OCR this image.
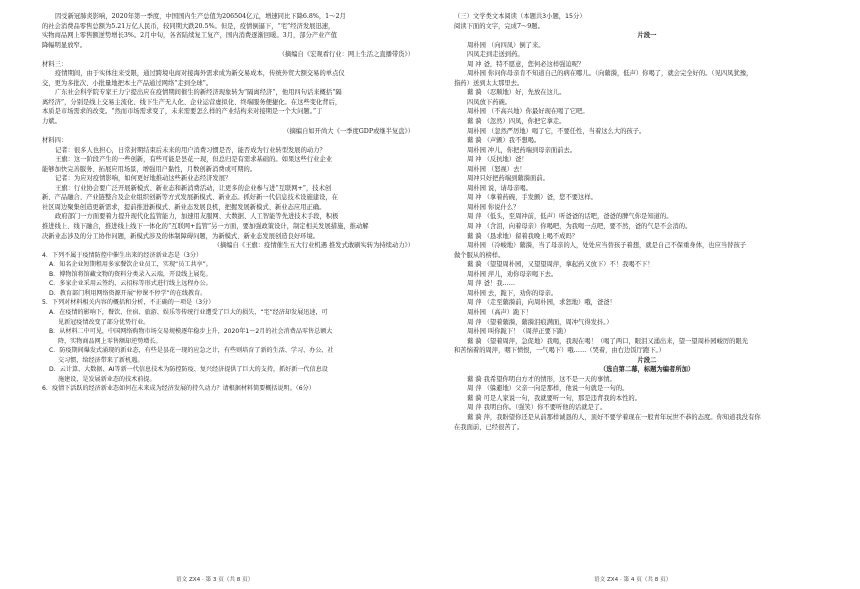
因受新冠肺炎影响，2020年第一季度，中国国内生产总值为206504亿元，增速同比下降6.8%，1～2月
的社会消费品零售总额为5.21万亿人民币，较同期大跌20.5%。但是，疫情倒逼下，“宅”经济发展迅速，
实物商品网上零售额逆势增长3%。2月中旬，各省陆续复工复产，国内消费逐渐回暖。3月，部分产业产值
降幅明显放窄。
（摘编自《宏观看行业：网上生活之直播带货》）
材料三：
疫情期间，由于实体往来受限，通过跨境电商对接海外需求成为新交易成本，传统外贸大额交易的单点仪
交，更为多批次、小批量地把本土产品通过网络“走到全球”。
广东社会科学院专家王力宁提出应在疫情期间催生的新经济现象转为“隔离经济”，他用四句话来概括“隔
离经济”，分别是线上交易主流化、线下生产无人化、企业运营虚拟化、终端服务便捷化。在这些变化背后，
本质是市场需求的改变。“然而市场需求变了，未来需要怎么样的产业结构来对接期是一个大问题。”丁
力斌。
（摘编自如开尚大《一季度GDP或继半复盘》）
材料四：
记者：很多人也担心，日常封期结束后未来的用户消费习惯是否，能否成为行业转型发展的动力？
王旗：这一阶段产生的一些创新，有些可能是昙花一现，但总归是有需求基础的。如果这些行业企业
能够加快完善服务、拓展应用场景，增强用户黏性，月数创新消费或可期的。
记者：为应对疫情影响，如何更好地推动这些新业态经济发展？
王旗：行业协会要广泛开展新模式、新业态和新消费活动，让更多的企业参与进“互联网+”，技术创
新、产品融合、产业链整合及企业组织创新等方式发展新模式、新业态。抓好新一代信息技术设施建设，在
社区周边聚集创造更新需求，提前推进新模式、新业态发展良机，把握发展新模式、新业态应用正确。
政府部门一方面要着力提升现代化监管能力，加速用友服网、大数据、人工智能等先进技术手段，积极
推进线上、线下融合，推进线上线下一体化的“互联网+监管”另一方面，要加强政策设计，制定相关发展措施，推动解
决新业态涉及的分工协作问题，新模式涉及的体制障碍问题，为新模式、新业态发展创造良好环境。
（摘编自《王旗：疫情催生五大行业机遇 推发式敢刷实转为持续动力》）
4．下列不属于疫情防控中催生出来的经济新业态是（3分）
A．知名企业短期租用多家餐饮企业员工，实现“员工共享”。
B．博物馆将馆藏文物的资料分类录入云端，开设线上展览。
C．多家企业采用云签约、云招标等形式进行线上远程办公。
D．教育部门利用网络资源开展“停课不停学”的在线教育。
5．下列对材料相关内容的概括和分析，不正确的一项是（3分）
A．在疫情的影响下，餐饮、住宿、旅游、娱乐等传统行业遭受了巨大的损失，“宅”经济却发展迅速，可
见新冠疫情改变了部分优势行业。
B．从材料二中可见，中国网络购物市场交易规模逐年稳步上升，2020年1～2月的社会消费品零售总额大
降，实物商品网上零售额却逆势增长。
C．防疫期间爆发式涌现的新业态，有些是昙花一现的应急之计，有些则培育了新的生活、学习、办公、社
交习惯，给经济带来了新机遇。
D．云计算、大数据、AI等新一代信息技术为防控防疫、复兴经济提供了巨大的支持，抓好新一代信息设
施建设，是发展新业态的技术前提。
6．疫情下活跃的经济新业态如何在未来成为经济发展的持久动力？请根据材料简要概括说明。（6分）
（三）文学类文本阅读（本题共3小题，15分）
阅读下面的文字，完成7～9题。
片段一
周朴园 （向四凤）倒了来。
四凤走到走送到药。
周 冲 爸，特不愿意，您何必这样强迫呢？
周朴园 你问你母亲肯不知道自己的病在哪儿。（向蘩漪，低声）你喝了，就会完全好的。（见四凤犹豫，
指药）送到太太那里去。
蘩 漪 （忍顺地）好，先放在这儿。
四凤放下药碗。
周朴园 （不高兴地）你最好现在喝了它吧。
蘩 漪 （忽然）四凤，你把它拿走。
周朴园 （忽然严厉地）喝了它，不要任性，当着这么大的孩子。
蘩 漪 （声颤）我不想喝。
周朴园 冲儿，你把药端到母亲面前去。
周 冲 （反抗地）爸！
周朴园 （怒视）去！
周冲只好把药端到蘩漪面前。
周朴园 说，请母亲喝。
周 冲 （拿着药碗，手发颤）爸，您不要这样。
周朴园 你说什么？
周 萍 （低头，至周冲前，低声）听爸爸的话吧，爸爸的脾气你是知道的。
周 冲 （含泪，向着母亲）你喝吧，为我喝一点吧，要不然，爸的气是不会消的。
蘩 漪 （恳求地）留着我晚上喝不成吗？
周朴园 （冷峻地）蘩漪，当了母亲的人，处处应当替孩子着想，就是自己不保重身体，也应当替孩子
做个服从的榜样。
蘩 漪 （望望周朴园，又望望周萍，拿起药又放下）不！我喝不下！
周朴园 萍儿，劝你母亲喝下去。
周 萍 爸！我……
周朴园 去，跪下，劝你的母亲。
周 萍 （走至蘩漪前，向周朴园，求恕地）哦，爸爸！
周朴园 （高声）跪下！
周 萍 （望着蘩漪，蘩漪泪痕满面，周冲气得发抖。）
周朴园 叫你跪下！（周萍正要下跪）
蘩 漪 （望着周萍，急促地）我喝，我现在喝！（喝了两口，眼泪又涌出来，望一望周朴园峻厉的眼光
和苦恼着的周萍，咽下愤恨，一气喝下）哦……（哭着，由右边饭厅跑下。）
片段二
（选自第二幕，标题为编者所加）
蘩 漪 我希望你明白方才的情形，这不是一天的事情。
周 萍 （躲避地）父亲一向是那样，他说一句就是一句的。
蘩 漪 可是人家说一句，我就要听一句，那是违背我的本性的。
周 萍 我明白你。（强笑）你不要听他的话就是了。
蘩 漪 萍，我盼望你还是从前那样诚恳的人，顶好不要学着现在一般青年玩世不恭的态度。你知道我没有你
在我面前，已经很苦了。
语文 ZX4 · 第 3 页（共 8 页）	语文 ZX4 · 第 4 页（共 8 页）
